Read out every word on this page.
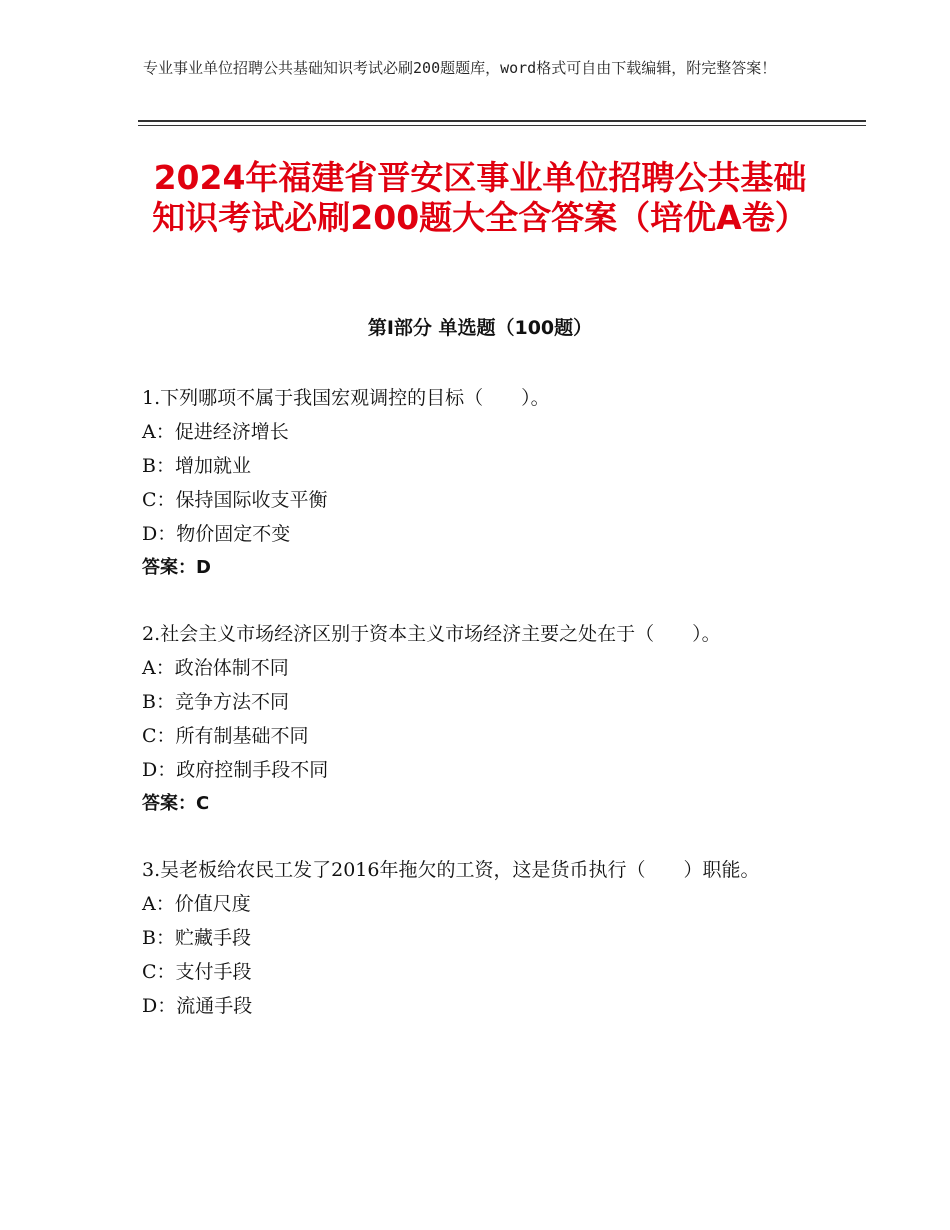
专业事业单位招聘公共基础知识考试必刷200题题库，word格式可自由下载编辑，附完整答案！
2024年福建省晋安区事业单位招聘公共基础知识考试必刷200题大全含答案（培优A卷）
第I部分 单选题（100题）
1.下列哪项不属于我国宏观调控的目标（　　）。
A：促进经济增长
B：增加就业
C：保持国际收支平衡
D：物价固定不变
答案：D
2.社会主义市场经济区别于资本主义市场经济主要之处在于（　　）。
A：政治体制不同
B：竞争方法不同
C：所有制基础不同
D：政府控制手段不同
答案：C
3.吴老板给农民工发了2016年拖欠的工资，这是货币执行（　　）职能。
A：价值尺度
B：贮藏手段
C：支付手段
D：流通手段
